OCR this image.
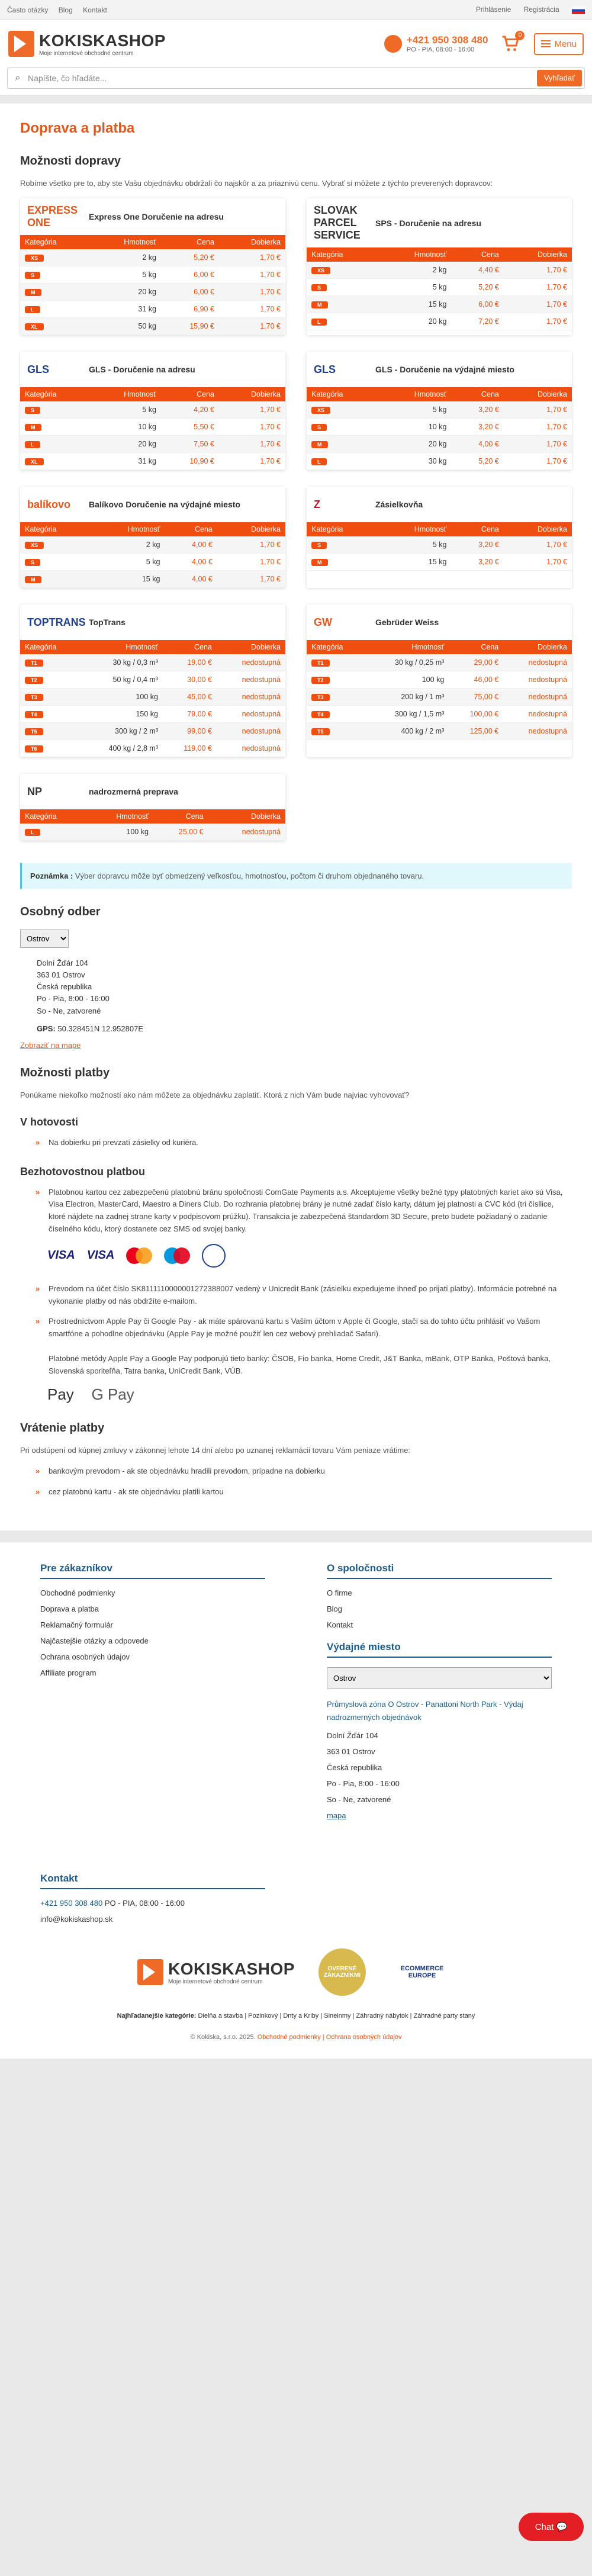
Často otázky Blog Kontakt	Prihlásenie Registrácia
KOKISKASHOP
Moje internetové obchodné centrum
+421 950 308 480
PO - PIA, 08:00 - 16:00
0
Menu
⌕ Napíšte, čo hľadáte...	Vyhľadať
Doprava a platba
Možnosti dopravy

Robíme všetko pre to, aby ste Vašu objednávku obdržali čo najskôr a za priaznivú cenu. Vybrať si môžete z týchto preverených dopravcov:

EXPRESS ONE	Express One Doručenie na adresu
Kategória	Hmotnosť	Cena	Dobierka
XS	2 kg	5,20 €	1,70 €
S	5 kg	6,00 €	1,70 €
M	20 kg	6,00 €	1,70 €
L	31 kg	6,90 €	1,70 €
XL	50 kg	15,90 €	1,70 €
SLOVAK PARCEL SERVICE
SPS - Doručenie na adresu
Kategória	Hmotnosť	Cena	Dobierka
XS	2 kg	4,40 €	1,70 €
S	5 kg	5,20 €	1,70 €
M	15 kg	6,00 €	1,70 €
L	20 kg	7,20 €	1,70 €
GLS	GLS - Doručenie na adresu
Kategória	Hmotnosť	Cena	Dobierka
S	5 kg	4,20 €	1,70 €
M	10 kg	5,50 €	1,70 €
L	20 kg	7,50 €	1,70 €
XL	31 kg	10,90 €	1,70 €
GLS	GLS - Doručenie na výdajné miesto
Kategória	Hmotnosť	Cena	Dobierka
XS	5 kg	3,20 €	1,70 €
S	10 kg	3,20 €	1,70 €
M	20 kg	4,00 €	1,70 €
L	30 kg	5,20 €	1,70 €
balíkovo	Balíkovo Doručenie na výdajné miesto
Kategória	Hmotnosť	Cena	Dobierka
XS	2 kg	4,00 €	1,70 €
S	5 kg	4,00 €	1,70 €
M	15 kg	4,00 €	1,70 €
Z	Zásielkovňa
Kategória	Hmotnosť	Cena	Dobierka
S	5 kg	3,20 €	1,70 €
M	15 kg	3,20 €	1,70 €
TOPTRANS TopTrans
Kategória	Hmotnosť	Cena	Dobierka
T1	30 kg / 0,3 m³	19,00 €	nedostupná
T2	50 kg / 0,4 m³	30,00 €	nedostupná
T3	100 kg	45,00 €	nedostupná
T4	150 kg	79,00 €	nedostupná
T5	300 kg / 2 m³	99,00 €	nedostupná
T6	400 kg / 2,8 m³	119,00 €	nedostupná
GW	Gebrüder Weiss
Kategória	Hmotnosť	Cena	Dobierka
T1	30 kg / 0,25 m³	29,00 €	nedostupná
T2	100 kg	46,00 €	nedostupná
T3	200 kg / 1 m³	75,00 €	nedostupná
T4	300 kg / 1,5 m³	100,00 €	nedostupná
T5	400 kg / 2 m³	125,00 €	nedostupná
NP	nadrozmerná preprava
Kategória	Hmotnosť	Cena	Dobierka
L	100 kg	25,00 €	nedostupná
Poznámka : Výber dopravcu môže byť obmedzený veľkosťou, hmotnosťou, počtom či druhom objednaného tovaru.
Osobný odber
Ostrov
Dolní Žďár 104
363 01 Ostrov
Česká republika
Po - Pia, 8:00 - 16:00
So - Ne, zatvorené
GPS: 50.328451N 12.952807E
Zobraziť na mape
Možnosti platby

Ponúkame niekoľko možností ako nám môžete za objednávku zaplatiť. Ktorá z nich Vám bude najviac vyhovovať?

V hotovosti
» Na dobierku pri prevzatí zásielky od kuriéra.
Bezhotovostnou platbou
» Platobnou kartou cez zabezpečenú platobnú bránu spoločnosti ComGate Payments a.s. Akceptujeme všetky bežné typy platobných kariet ako sú Visa, Visa Electron, MasterCard, Maestro a Diners Club. Do rozhrania platobnej brány je nutné zadať číslo karty, dátum jej platnosti a CVC kód (tri čísllice, ktoré nájdete na zadnej strane karty v podpisovom prúžku). Transakcia je zabezpečená štandardom 3D Secure, preto budete požiadaný o zadanie číselného kódu, ktorý dostanete cez SMS od svojej banky.
VISA VISA
» Prevodom na účet číslo SK8111110000001272388007 vedený v Unicredit Bank (zásielku expedujeme ihneď po prijatí platby). Informácie potrebné na vykonanie platby od nás obdržíte e-mailom.
» Prostredníctvom Apple Pay či Google Pay - ak máte spárovanú kartu s Vaším účtom v Apple či Google, stačí sa do tohto účtu prihlásiť vo Vašom smartfóne a pohodlne objednávku (Apple Pay je možné použiť len cez webový prehliadač Safari).

Platobné metódy Apple Pay a Google Pay podporujú tieto banky: ČSOB, Fio banka, Home Credit, J&T Banka, mBank, OTP Banka, Poštová banka, Slovenská sporiteľňa, Tatra banka, UniCredit Bank, VÚB.
Pay G Pay
Vrátenie platby

Pri odstúpení od kúpnej zmluvy v zákonnej lehote 14 dní alebo po uznanej reklamácii tovaru Vám peniaze vrátime:

» bankovým prevodom - ak ste objednávku hradili prevodom, prípadne na dobierku
» cez platobnú kartu - ak ste objednávku platili kartou
Pre zákazníkov
Obchodné podmienky
Doprava a platba
Reklamačný formulár
Najčastejšie otázky a odpovede
Ochrana osobných údajov
Affiliate program
Kontakt
+421 950 308 480 PO - PIA, 08:00 - 16:00
info@kokiskashop.sk
O spoločnosti
O firme
Blog
Kontakt
Výdajné miesto
Ostrov
Průmyslová zóna O Ostrov - Panattoni North Park - Výdaj nadrozmerných objednávok
Dolní Žďár 104
363 01 Ostrov
Česká republika
Po - Pia, 8:00 - 16:00
So - Ne, zatvorené
mapa
KOKISKASHOP
Moje internetové obchodné centrum
OVERENÉ ZÁKAZNÍKMI
ECOMMERCE EUROPE
Najhľadanejšie kategórie: Dielňa a stavba | Pozinkový | Dnty a Kriby | Sineinmy | Záhradný nábytok | Záhradné party stany
© Kokiska, s.r.o. 2025. Obchodné podmienky | Ochrana osobných údajov
Chat
💬
